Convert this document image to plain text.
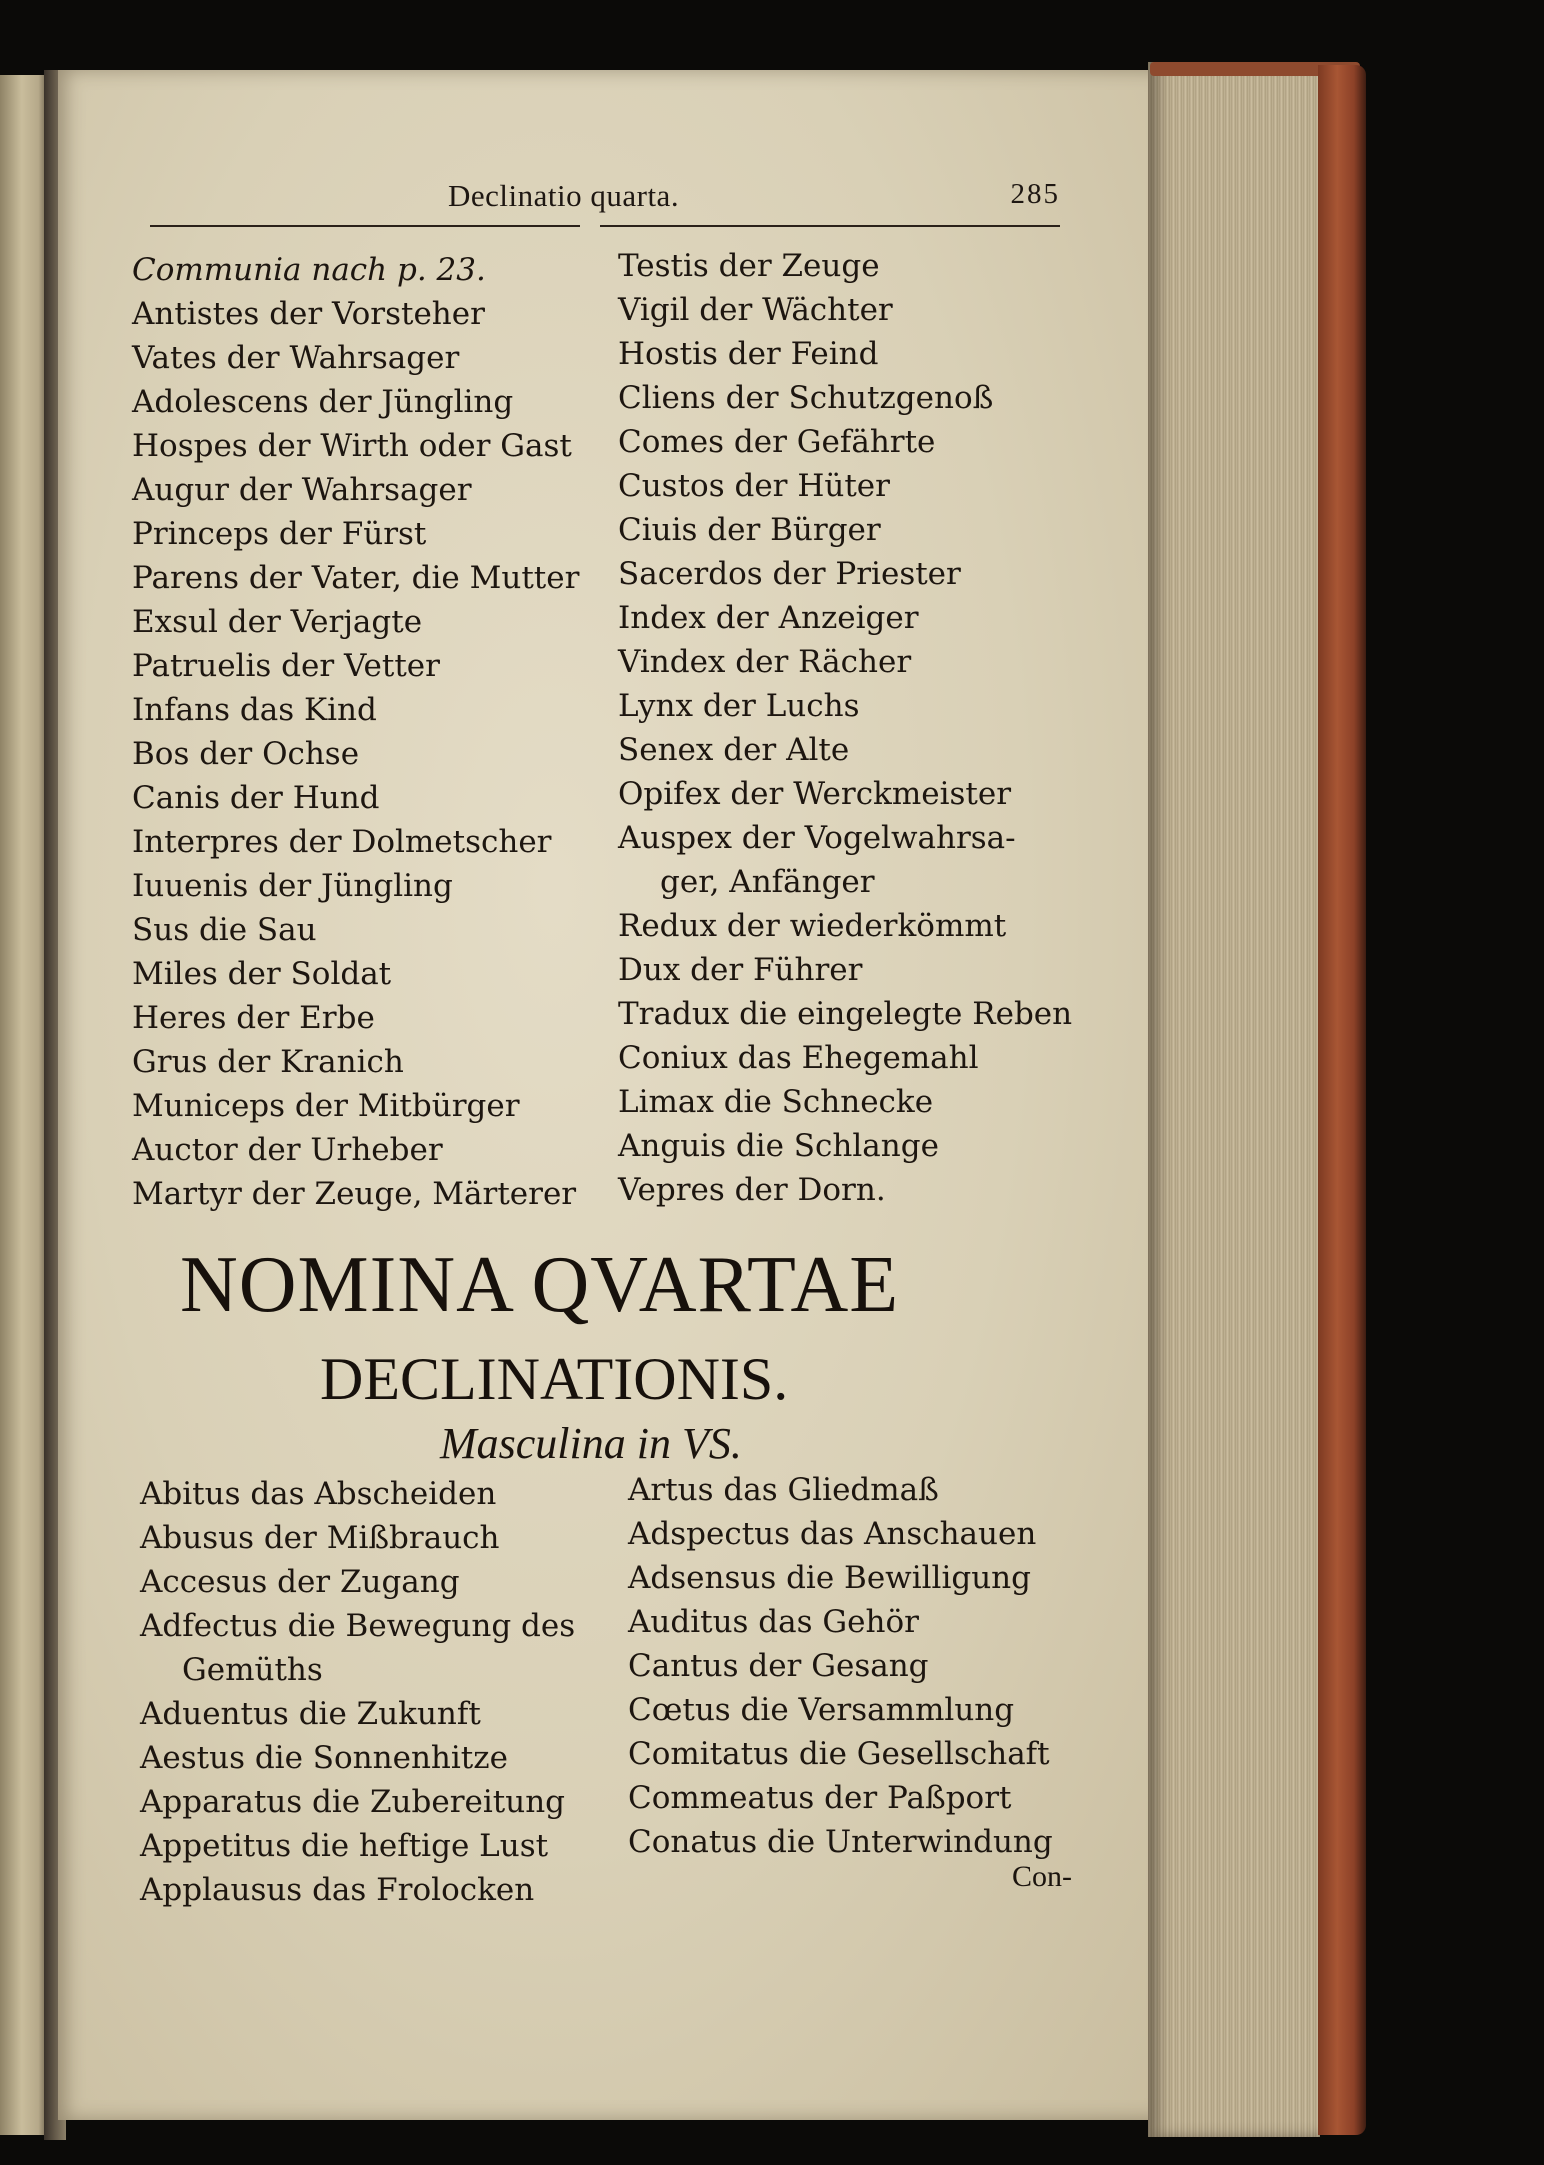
Declinatio quarta.	285
Communia nach p. 23.
Antistes der Vorsteher
Vates der Wahrsager
Adolescens der Jüngling
Hospes der Wirth oder Gast
Augur der Wahrsager
Princeps der Fürst
Parens der Vater, die Mutter
Exsul der Verjagte
Patruelis der Vetter
Infans das Kind
Bos der Ochse
Canis der Hund
Interpres der Dolmetscher
Iuuenis der Jüngling
Sus die Sau
Miles der Soldat
Heres der Erbe
Grus der Kranich
Municeps der Mitbürger
Auctor der Urheber
Martyr der Zeuge, Märterer
Testis der Zeuge
Vigil der Wächter
Hostis der Feind
Cliens der Schutzgenoß
Comes der Gefährte
Custos der Hüter
Ciuis der Bürger
Sacerdos der Priester
Index der Anzeiger
Vindex der Rächer
Lynx der Luchs
Senex der Alte
Opifex der Werckmeister
Auspex der Vogelwahrsa-
ger, Anfänger
Redux der wiederkömmt
Dux der Führer
Tradux die eingelegte Reben
Coniux das Ehegemahl
Limax die Schnecke
Anguis die Schlange
Vepres der Dorn.
NOMINA QVARTAE
DECLINATIONIS.
Masculina in VS.
Abitus das Abscheiden
Abusus der Mißbrauch
Accesus der Zugang
Adfectus die Bewegung des
Gemüths
Aduentus die Zukunft
Aestus die Sonnenhitze
Apparatus die Zubereitung
Appetitus die heftige Lust
Applausus das Frolocken
Artus das Gliedmaß
Adspectus das Anschauen
Adsensus die Bewilligung
Auditus das Gehör
Cantus der Gesang
Cœtus die Versammlung
Comitatus die Gesellschaft
Commeatus der Paßport
Conatus die Unterwindung
Con-
